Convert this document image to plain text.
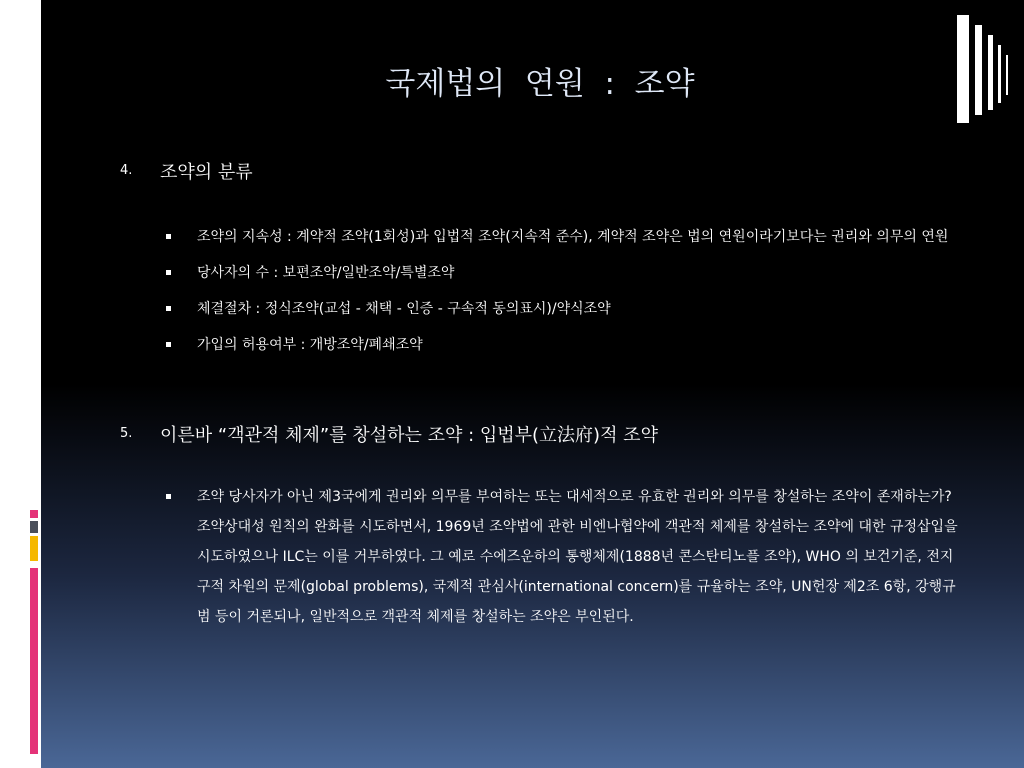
국제법의  연원  :  조약
4. 조약의 분류
조약의 지속성 : 계약적 조약(1회성)과 입법적 조약(지속적 준수), 계약적 조약은 법의 연원이라기보다는 권리와 의무의 연원
당사자의 수 : 보편조약/일반조약/특별조약
체결절차 : 정식조약(교섭 - 채택 - 인증 - 구속적 동의표시)/약식조약
가입의 허용여부 : 개방조약/폐쇄조약
5. 이른바 “객관적 체제”를 창설하는 조약 : 입법부(立法府)적 조약
조약 당사자가 아닌 제3국에게 권리와 의무를 부여하는 또는 대세적으로 유효한 권리와 의무를 창설하는 조약이 존재하는가? 조약상대성 원칙의 완화를 시도하면서, 1969년 조약법에 관한 비엔나협약에 객관적 체제를 창설하는 조약에 대한 규정삽입을 시도하였으나 ILC는 이를 거부하였다. 그 예로 수에즈운하의 통행체제(1888년 콘스탄티노플 조약), WHO 의 보건기준, 전지구적 차원의 문제(global problems), 국제적 관심사(international concern)를 규율하는 조약, UN헌장 제2조 6항, 강행규범 등이 거론되나, 일반적으로 객관적 체제를 창설하는 조약은 부인된다.
